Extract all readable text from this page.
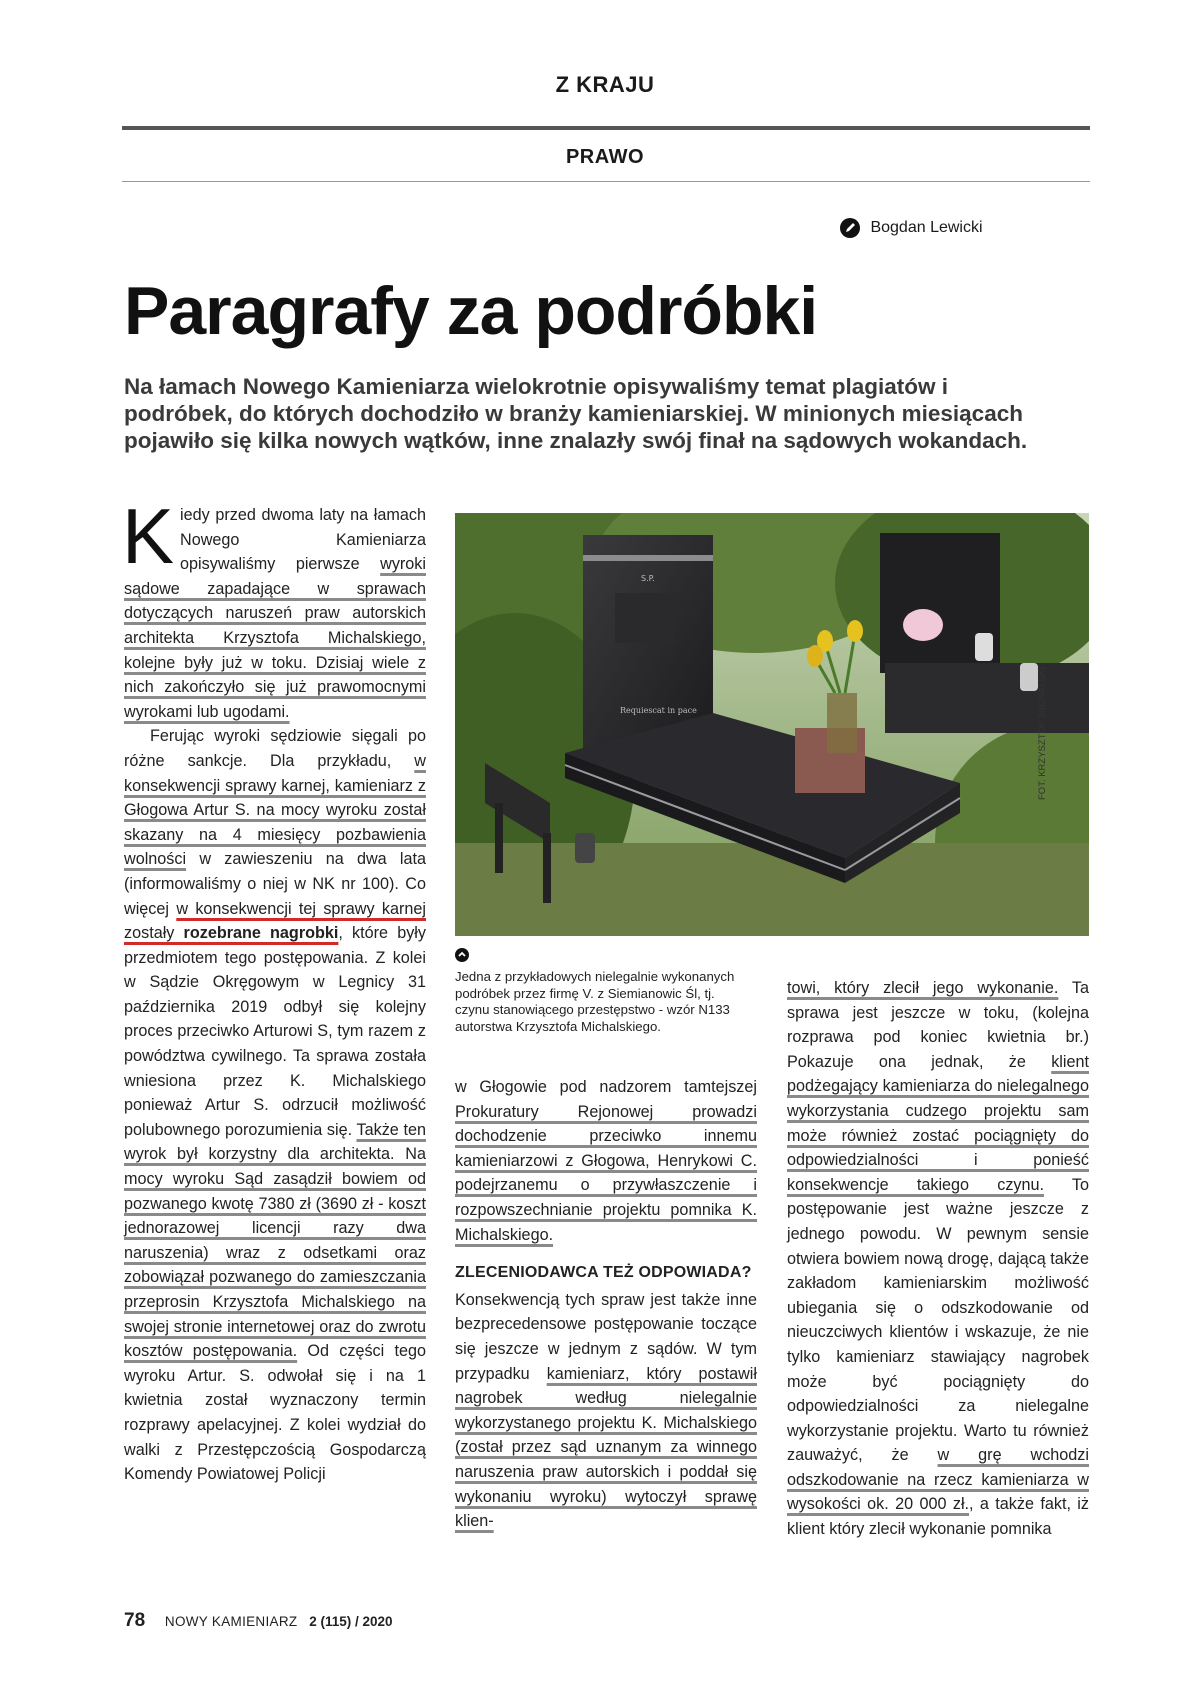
Z KRAJU
PRAWO
Bogdan Lewicki
Paragrafy za podróbki
Na łamach Nowego Kamieniarza wielokrotnie opisywaliśmy temat plagiatów i podróbek, do których dochodziło w branży kamieniarskiej. W minionych miesiącach pojawiło się kilka nowych wątków, inne znalazły swój finał na sądowych wokandach.

Kiedy przed dwoma laty na łamach Nowego Kamieniarza opisywaliśmy pierwsze wyroki sądowe zapadające w sprawach dotyczących naruszeń praw autorskich architekta Krzysztofa Michalskiego, kolejne były już w toku. Dzisiaj wiele z nich zakończyło się już prawomocnymi wyrokami lub ugodami.

Ferując wyroki sędziowie sięgali po różne sankcje. Dla przykładu, w konsekwencji sprawy karnej, kamieniarz z Głogowa Artur S. na mocy wyroku został skazany na 4 miesięcy pozbawienia wolności w zawieszeniu na dwa lata (informowaliśmy o niej w NK nr 100). Co więcej w konsekwencji tej sprawy karnej zostały rozebrane nagrobki, które były przedmiotem tego postępowania. Z kolei w Sądzie Okręgowym w Legnicy 31 października 2019 odbył się kolejny proces przeciwko Arturowi S, tym razem z powództwa cywilnego. Ta sprawa została wniesiona przez K. Michalskiego ponieważ Artur S. odrzucił możliwość polubownego porozumienia się. Także ten wyrok był korzystny dla architekta. Na mocy wyroku Sąd zasądził bowiem od pozwanego kwotę 7380 zł (3690 zł - koszt jednorazowej licencji razy dwa naruszenia) wraz z odsetkami oraz zobowiązał pozwanego do zamieszczania przeprosin Krzysztofa Michalskiego na swojej stronie internetowej oraz do zwrotu kosztów postępowania. Od części tego wyroku Artur. S. odwołał się i na 1 kwietnia został wyznaczony termin rozprawy apelacyjnej. Z kolei wydział do walki z Przestępczością Gospodarczą Komendy Powiatowej Policji

S.P.
Requiescat in pace	FOT. KRZYSZTOF MICHALSKI
Jedna z przykładowych nielegalnie wykonanych podróbek przez firmę V. z Siemianowic Śl, tj. czynu stanowiącego przestępstwo - wzór N133 autorstwa Krzysztofa Michalskiego.

w Głogowie pod nadzorem tamtejszej Prokuratury Rejonowej prowadzi dochodzenie przeciwko innemu kamieniarzowi z Głogowa, Henrykowi C. podejrzanemu o przywłaszczenie i rozpowszechnianie projektu pomnika K. Michalskiego.

ZLECENIODAWCA TEŻ ODPOWIADA?

Konsekwencją tych spraw jest także inne bezprecedensowe postępowanie toczące się jeszcze w jednym z sądów. W tym przypadku kamieniarz, który postawił nagrobek według nielegalnie wykorzystanego projektu K. Michalskiego (został przez sąd uznanym za winnego naruszenia praw autorskich i poddał się wykonaniu wyroku) wytoczył sprawę klien-

towi, który zlecił jego wykonanie. Ta sprawa jest jeszcze w toku, (kolejna rozprawa pod koniec kwietnia br.) Pokazuje ona jednak, że klient podżegający kamieniarza do nielegalnego wykorzystania cudzego projektu sam może również zostać pociągnięty do odpowiedzialności i ponieść konsekwencje takiego czynu. To postępowanie jest ważne jeszcze z jednego powodu. W pewnym sensie otwiera bowiem nową drogę, dającą także zakładom kamieniarskim możliwość ubiegania się o odszkodowanie od nieuczciwych klientów i wskazuje, że nie tylko kamieniarz stawiający nagrobek może być pociągnięty do odpowiedzialności za nielegalne wykorzystanie projektu. Warto tu również zauważyć, że w grę wchodzi odszkodowanie na rzecz kamieniarza w wysokości ok. 20 000 zł., a także fakt, iż klient który zlecił wykonanie pomnika

78 NOWY KAMIENIARZ 2 (115) / 2020
